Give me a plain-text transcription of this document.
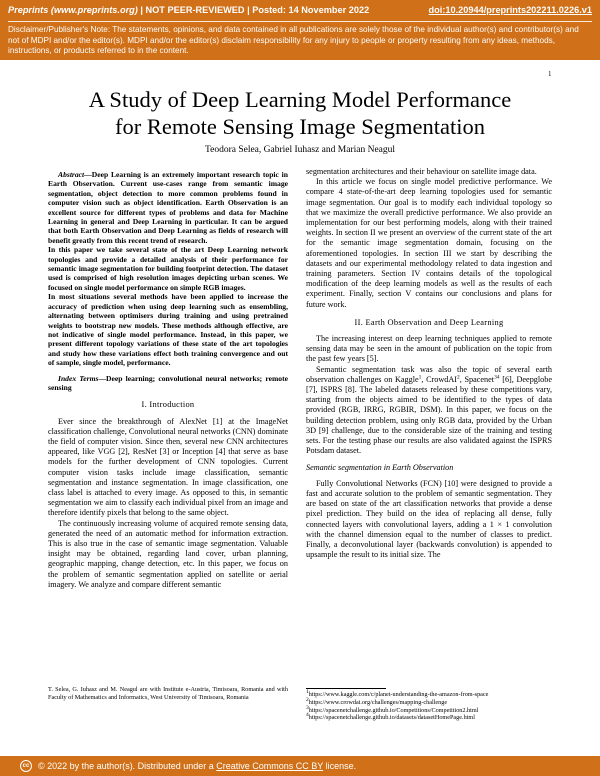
Preprints (www.preprints.org) | NOT PEER-REVIEWED | Posted: 14 November 2022	doi:10.20944/preprints202211.0226.v1
Disclaimer/Publisher's Note: The statements, opinions, and data contained in all publications are solely those of the individual author(s) and contributor(s) and not of MDPI and/or the editor(s). MDPI and/or the editor(s) disclaim responsibility for any injury to people or property resulting from any ideas, methods, instructions, or products referred to in the content.
1
A Study of Deep Learning Model Performance
for Remote Sensing Image Segmentation
Teodora Selea, Gabriel Iuhasz and Marian Neagul

Abstract—Deep Learning is an extremely important research topic in Earth Observation. Current use-cases range from semantic image segmentation, object detection to more common problems found in computer vision such as object identification. Earth Observation is an excellent source for different types of problems and data for Machine Learning in general and Deep Learning in particular. It can be argued that both Earth Observation and Deep Learning as fields of research will benefit greatly from this recent trend of research.

In this paper we take several state of the art Deep Learning network topologies and provide a detailed analysis of their performance for semantic image segmentation for building footprint detection. The dataset used is comprised of high resolution images depicting urban scenes. We focused on single model performance on simple RGB images.

In most situations several methods have been applied to increase the accuracy of prediction when using deep learning such as ensembling, alternating between optimisers during training and using pretrained weights to bootstrap new models. These methods although effective, are not indicative of single model performance. Instead, in this paper, we present different topology variations of these state of the art topologies and study how these variations effect both training convergence and out of sample, single model, performance.

Index Terms—Deep learning; convolutional neural networks; remote sensing

I. Introduction

Ever since the breakthrough of AlexNet [1] at the ImageNet classification challenge, Convolutional neural networks (CNN) dominate the field of computer vision. Since then, several new CNN architectures appeared, like VGG [2], ResNet [3] or Inception [4] that serve as base models for the further development of CNN topologies. Current computer vision tasks include image classification, semantic segmentation and instance segmentation. In image classification, one class label is attached to every image. As opposed to this, in semantic segmentation we aim to classify each individual pixel from an image and therefore identify pixels that belong to the same object.

The continuously increasing volume of acquired remote sensing data, generated the need of an automatic method for information extraction. This is also true in the case of semantic image segmentation. Valuable insight may be obtained, regarding land cover, urban planning, geographic mapping, change detection, etc. In this paper, we focus on the problem of semantic segmentation applied on satellite or aerial imagery. We analyze and compare different semantic

T. Selea, G. Iuhasz and M. Neagul are with Institute e-Austria, Timisoara, Romania and with Faculty of Mathematics and Informatics, West University of Timisoara, Romania

segmentation architectures and their behaviour on satellite image data.

In this article we focus on single model predictive performance. We compare 4 state-of-the-art deep learning topologies used for semantic image segmentation. Our goal is to modify each individual topology so that we maximize the overall predictive performance. We also provide an implementation for our best performing models, along with their trained weights. In section II we present an overview of the current state of the art for the semantic image segmentation domain, focusing on the aforementioned topologies. In section III we start by describing the datasets and our experimental methodology related to data ingestion and training parameters. Section IV contains details of the topological modification of the deep learning models as well as the results of each experiment. Finally, section V contains our conclusions and plans for future work.

II. Earth Observation and Deep Learning

The increasing interest on deep learning techniques applied to remote sensing data may be seen in the amount of publication on the topic from the past few years [5].

Semantic segmentation task was also the topic of several earth observation challenges on Kaggle$^1$, CrowdAI$^2$, Spacenet$^{34}$ [6], Deepglobe [7], ISPRS [8]. The labeled datasets released by these competitions vary, starting from the objects aimed to be identified to the types of data provided (RGB, IRRG, RGBIR, DSM). In this paper, we focus on the building detection problem, using only RGB data, provided by the Urban 3D [9] challenge, due to the considerable size of the training and testing sets. For the testing phase our results are also validated against the ISPRS Potsdam dataset.

Semantic segmentation in Earth Observation

Fully Convolutional Networks (FCN) [10] were designed to provide a fast and accurate solution to the problem of semantic segmentation. They are based on state of the art classification networks that provide a dense pixel prediction. They build on the idea of replacing all dense, fully connected layers with convolutional layers, adding a 1 × 1 convolution with the channel dimension equal to the number of classes to predict. Finally, a deconvolutional layer (backwards convolution) is appended to upsample the result to its initial size. The

1https://www.kaggle.com/c/planet-understanding-the-amazon-from-space

2https://www.crowdai.org/challenges/mapping-challenge

3https://spacenetchallenge.github.io/Competitions/Competition2.html

4https://spacenetchallenge.github.io/datasets/datasetHomePage.html

cc © 2022 by the author(s). Distributed under a Creative Commons CC BY license.
